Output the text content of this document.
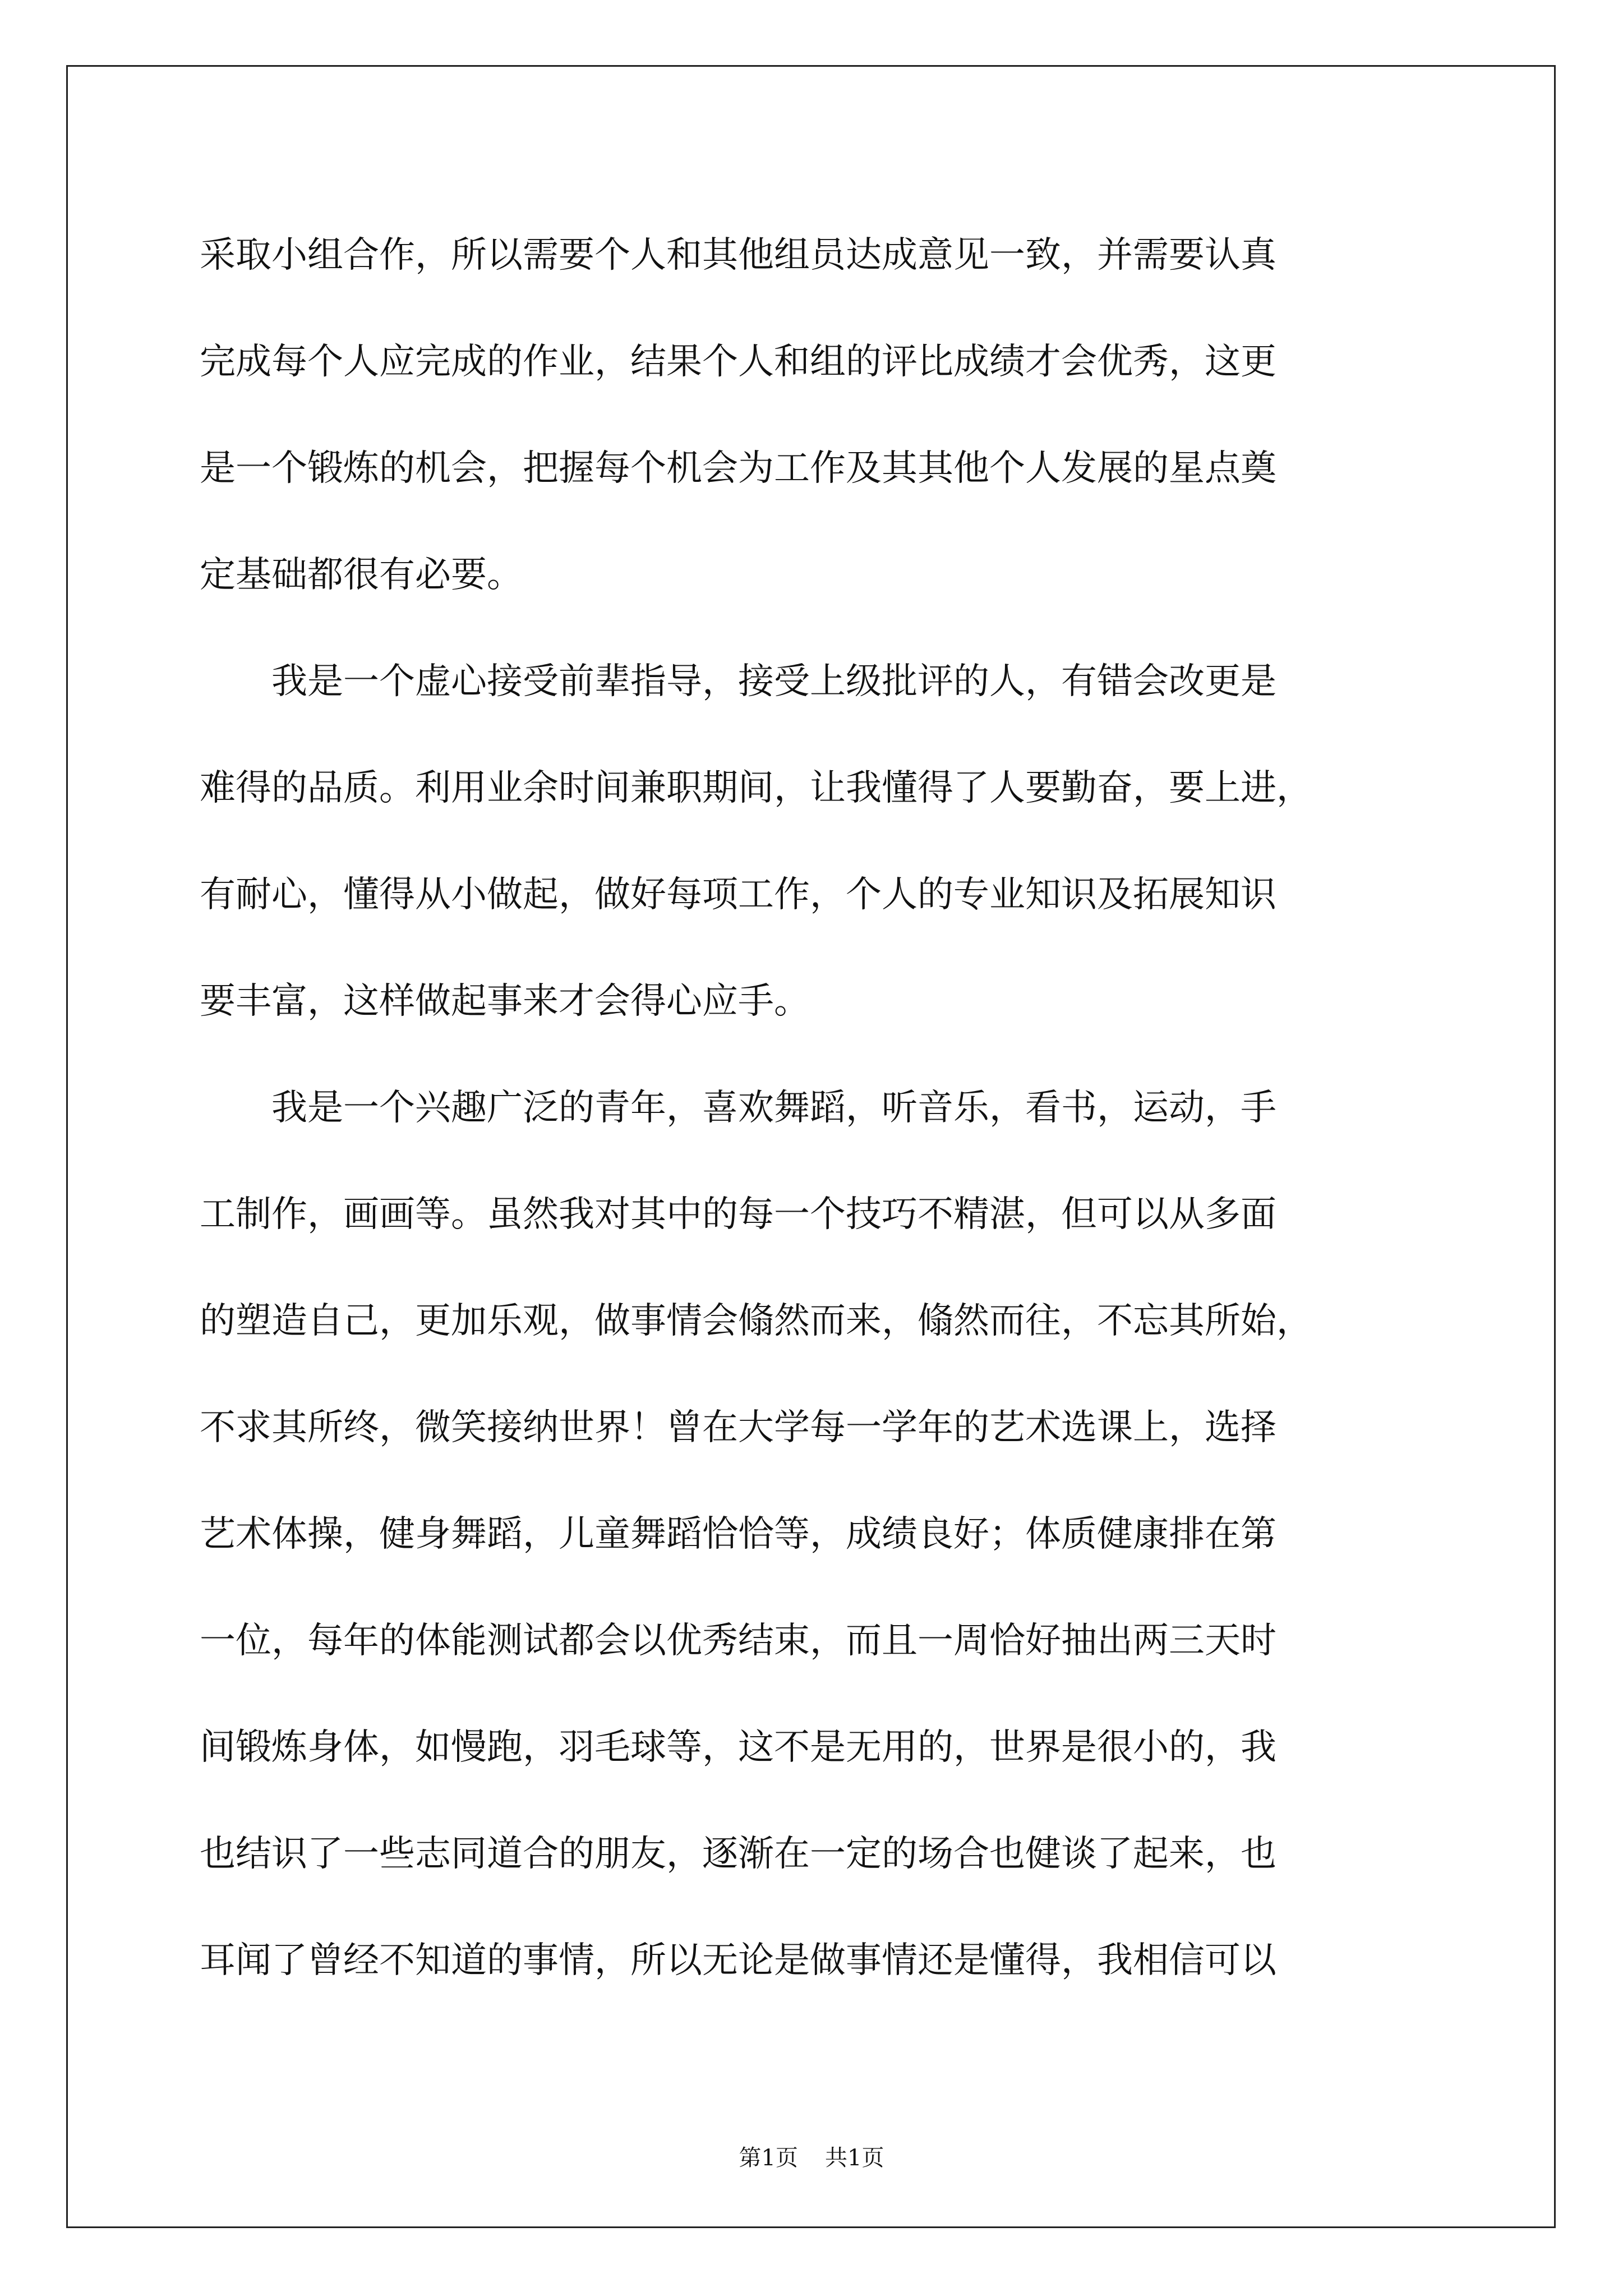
采取小组合作，所以需要个人和其他组员达成意见一致，并需要认真
完成每个人应完成的作业，结果个人和组的评比成绩才会优秀，这更
是一个锻炼的机会，把握每个机会为工作及其其他个人发展的星点奠
定基础都很有必要。
我是一个虚心接受前辈指导，接受上级批评的人，有错会改更是
难得的品质。利用业余时间兼职期间，让我懂得了人要勤奋，要上进，
有耐心，懂得从小做起，做好每项工作，个人的专业知识及拓展知识
要丰富，这样做起事来才会得心应手。
我是一个兴趣广泛的青年，喜欢舞蹈，听音乐，看书，运动，手
工制作，画画等。虽然我对其中的每一个技巧不精湛，但可以从多面
的塑造自己，更加乐观，做事情会翛然而来，翛然而往，不忘其所始，
不求其所终，微笑接纳世界！曾在大学每一学年的艺术选课上，选择
艺术体操，健身舞蹈，儿童舞蹈恰恰等，成绩良好；体质健康排在第
一位，每年的体能测试都会以优秀结束，而且一周恰好抽出两三天时
间锻炼身体，如慢跑，羽毛球等，这不是无用的，世界是很小的，我
也结识了一些志同道合的朋友，逐渐在一定的场合也健谈了起来，也
耳闻了曾经不知道的事情，所以无论是做事情还是懂得，我相信可以
第1页 共1页
